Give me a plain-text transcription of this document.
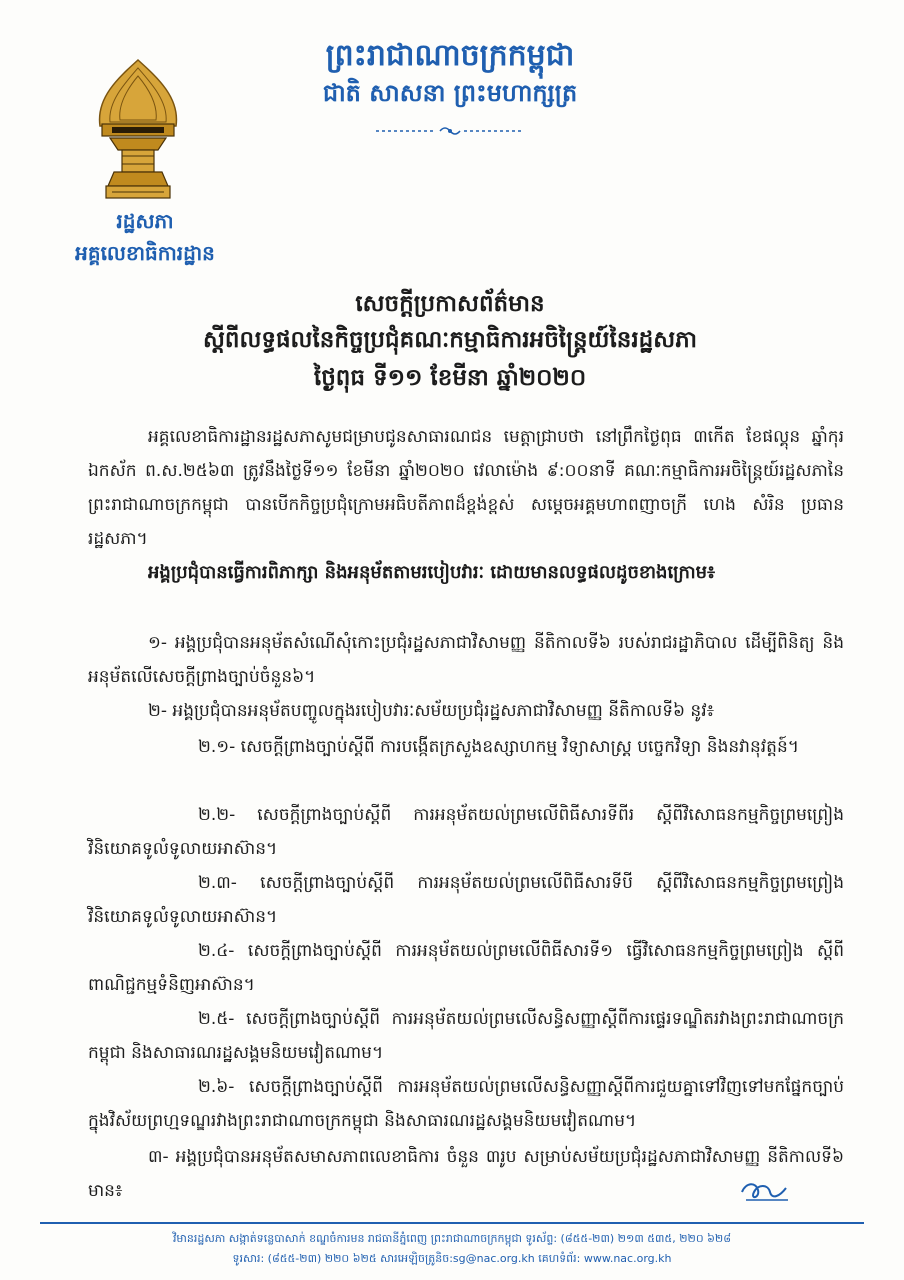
ព្រះរាជាណាចក្រកម្ពុជា
ជាតិ សាសនា ព្រះមហាក្សត្រ
រដ្ឋសភា
អគ្គលេខាធិការដ្ឋាន
សេចក្តីប្រកាសព័ត៌មាន
ស្តីពីលទ្ធផលនៃកិច្ចប្រជុំគណៈកម្មាធិការអចិន្ត្រៃយ៍នៃរដ្ឋសភា
ថ្ងៃពុធ ទី១១ ខែមីនា ឆ្នាំ២០២០
អគ្គលេខាធិការដ្ឋានរដ្ឋសភាសូមជម្រាបជូនសាធារណជន មេត្តាជ្រាបថា នៅព្រឹកថ្ងៃពុធ ៣កើត ខែផល្គុន ឆ្នាំកុរ ឯកស័ក ព.ស.២៥៦៣ ត្រូវនឹងថ្ងៃទី១១ ខែមីនា ឆ្នាំ២០២០ វេលាម៉ោង ៩:០០នាទី គណៈកម្មាធិការអចិន្ត្រៃយ៍រដ្ឋសភានៃព្រះរាជាណាចក្រកម្ពុជា បានបើកកិច្ចប្រជុំក្រោមអធិបតីភាពដ៏ខ្ពង់ខ្ពស់ សម្តេចអគ្គមហាពញាចក្រី ហេង សំរិន ប្រធានរដ្ឋសភា។
អង្គប្រជុំបានធ្វើការពិភាក្សា និងអនុម័តតាមរបៀបវារៈ ដោយមានលទ្ធផលដូចខាងក្រោម៖
១- អង្គប្រជុំបានអនុម័តសំណើសុំកោះប្រជុំរដ្ឋសភាជាវិសាមញ្ញ នីតិកាលទី៦ របស់រាជរដ្ឋាភិបាល ដើម្បីពិនិត្យ និងអនុម័តលើសេចក្តីព្រាងច្បាប់ចំនួន៦។
២- អង្គប្រជុំបានអនុម័តបញ្ចូលក្នុងរបៀបវារៈសម័យប្រជុំរដ្ឋសភាជាវិសាមញ្ញ នីតិកាលទី៦ នូវ៖
២.១- សេចក្តីព្រាងច្បាប់ស្តីពី ការបង្កើតក្រសួងឧស្សាហកម្ម វិទ្យាសាស្ត្រ បច្ចេកវិទ្យា និងនវានុវត្តន៍។
២.២- សេចក្តីព្រាងច្បាប់ស្តីពី ការអនុម័តយល់ព្រមលើពិធីសារទីពីរ ស្តីពីវិសោធនកម្មកិច្ចព្រមព្រៀងវិនិយោគទូលំទូលាយអាស៊ាន។
២.៣- សេចក្តីព្រាងច្បាប់ស្តីពី ការអនុម័តយល់ព្រមលើពិធីសារទីបី ស្តីពីវិសោធនកម្មកិច្ចព្រមព្រៀងវិនិយោគទូលំទូលាយអាស៊ាន។
២.៤- សេចក្តីព្រាងច្បាប់ស្តីពី ការអនុម័តយល់ព្រមលើពិធីសារទី១ ធ្វើវិសោធនកម្មកិច្ចព្រមព្រៀង ស្តីពីពាណិជ្ជកម្មទំនិញអាស៊ាន។
២.៥- សេចក្តីព្រាងច្បាប់ស្តីពី ការអនុម័តយល់ព្រមលើសន្ធិសញ្ញាស្តីពីការផ្ទេរទណ្ឌិតរវាងព្រះរាជាណាចក្រកម្ពុជា និងសាធារណរដ្ឋសង្គមនិយមវៀតណាម។
២.៦- សេចក្តីព្រាងច្បាប់ស្តីពី ការអនុម័តយល់ព្រមលើសន្ធិសញ្ញាស្តីពីការជួយគ្នាទៅវិញទៅមកផ្នែកច្បាប់ ក្នុងវិស័យព្រហ្មទណ្ឌរវាងព្រះរាជាណាចក្រកម្ពុជា និងសាធារណរដ្ឋសង្គមនិយមវៀតណាម។
៣- អង្គប្រជុំបានអនុម័តសមាសភាពលេខាធិការ ចំនួន ៣រូប សម្រាប់សម័យប្រជុំរដ្ឋសភាជាវិសាមញ្ញ នីតិកាលទី៦ មាន៖
វិមានរដ្ឋសភា សង្កាត់ទន្លេបាសាក់ ខណ្ឌចំការមន រាជធានីភ្នំពេញ ព្រះរាជាណាចក្រកម្ពុជា ទូរស័ព្ទ: (៨៥៥-២៣) ២១៣ ៥៣៥, ២២០ ៦២៨
ទូរសារ: (៨៥៥-២៣) ២២០ ៦២៥ សារអេឡិចត្រូនិច:sg@nac.org.kh គេហទំព័រ: www.nac.org.kh
